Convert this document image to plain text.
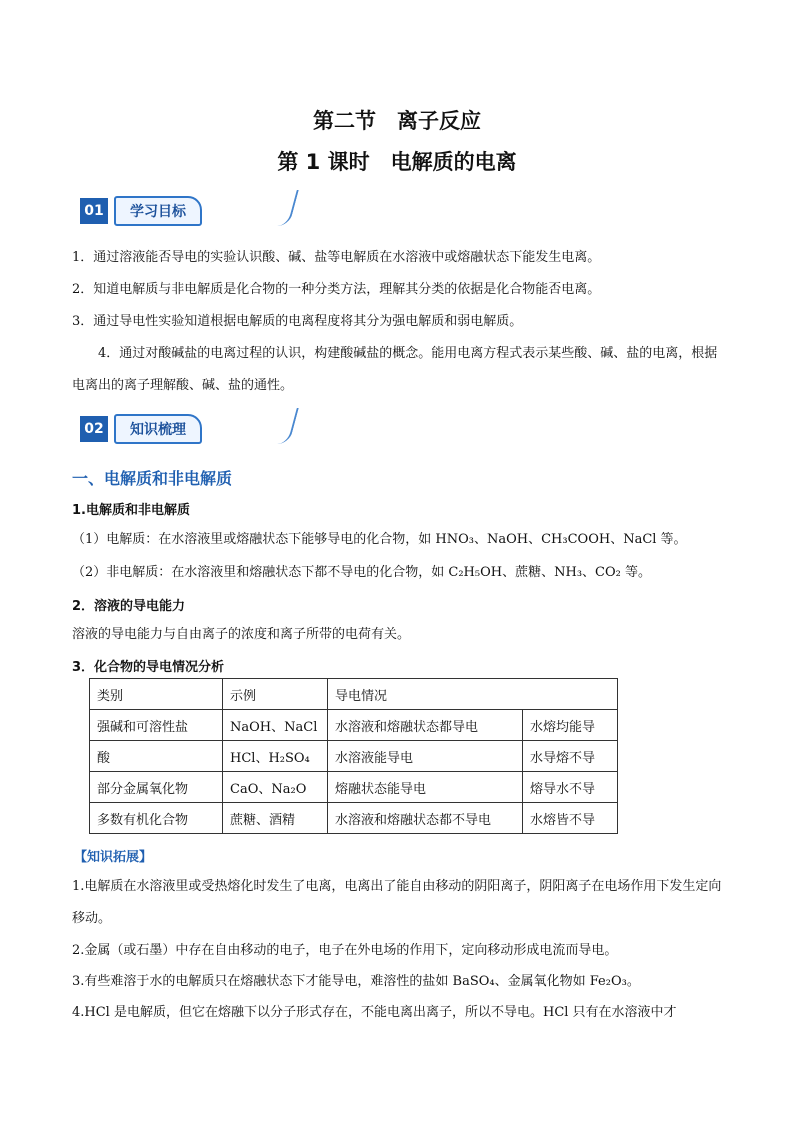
第二节　离子反应
第 1 课时　电解质的电离
01	学习目标
1．通过溶液能否导电的实验认识酸、碱、盐等电解质在水溶液中或熔融状态下能发生电离。
2．知道电解质与非电解质是化合物的一种分类方法，理解其分类的依据是化合物能否电离。
3．通过导电性实验知道根据电解质的电离程度将其分为强电解质和弱电解质。
4．通过对酸碱盐的电离过程的认识，构建酸碱盐的概念。能用电离方程式表示某些酸、碱、盐的电离，根据电离出的离子理解酸、碱、盐的通性。
02	知识梳理
一、电解质和非电解质
1.电解质和非电解质
（1）电解质：在水溶液里或熔融状态下能够导电的化合物，如 HNO₃、NaOH、CH₃COOH、NaCl 等。
（2）非电解质：在水溶液里和熔融状态下都不导电的化合物，如 C₂H₅OH、蔗糖、NH₃、CO₂ 等。
2．溶液的导电能力
溶液的导电能力与自由离子的浓度和离子所带的电荷有关。
3．化合物的导电情况分析
类别	示例	导电情况	
强碱和可溶性盐	NaOH、NaCl	水溶液和熔融状态都导电	水熔均能导
酸	HCl、H₂SO₄	水溶液能导电	水导熔不导
部分金属氧化物	CaO、Na₂O	熔融状态能导电	熔导水不导
多数有机化合物	蔗糖、酒精	水溶液和熔融状态都不导电	水熔皆不导
【知识拓展】
1.电解质在水溶液里或受热熔化时发生了电离，电离出了能自由移动的阴阳离子，阴阳离子在电场作用下发生定向移动。
2.金属（或石墨）中存在自由移动的电子，电子在外电场的作用下，定向移动形成电流而导电。
3.有些难溶于水的电解质只在熔融状态下才能导电，难溶性的盐如 BaSO₄、金属氧化物如 Fe₂O₃。
4.HCl 是电解质，但它在熔融下以分子形式存在，不能电离出离子，所以不导电。HCl 只有在水溶液中才
